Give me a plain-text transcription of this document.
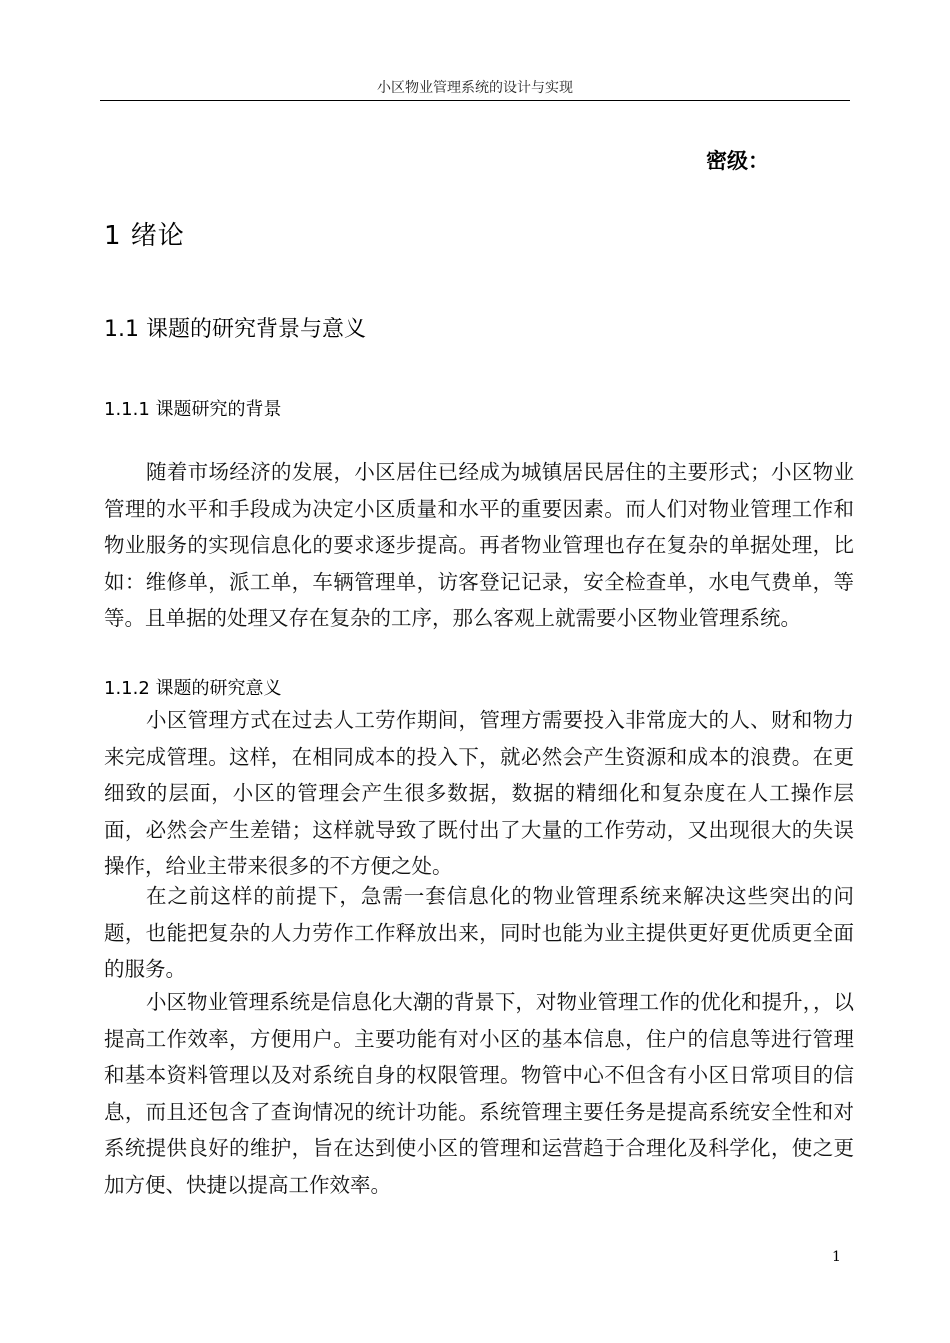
小区物业管理系统的设计与实现
密级：
1 绪论
1.1 课题的研究背景与意义
1.1.1 课题研究的背景

随着市场经济的发展，小区居住已经成为城镇居民居住的主要形式；小区物业管理的水平和手段成为决定小区质量和水平的重要因素。而人们对物业管理工作和物业服务的实现信息化的要求逐步提高。再者物业管理也存在复杂的单据处理，比如：维修单，派工单，车辆管理单，访客登记记录，安全检查单，水电气费单，等等。且单据的处理又存在复杂的工序，那么客观上就需要小区物业管理系统。

1.1.2 课题的研究意义

小区管理方式在过去人工劳作期间，管理方需要投入非常庞大的人、财和物力来完成管理。这样，在相同成本的投入下，就必然会产生资源和成本的浪费。在更细致的层面，小区的管理会产生很多数据，数据的精细化和复杂度在人工操作层面，必然会产生差错；这样就导致了既付出了大量的工作劳动，又出现很大的失误操作，给业主带来很多的不方便之处。

在之前这样的前提下，急需一套信息化的物业管理系统来解决这些突出的问题，也能把复杂的人力劳作工作释放出来，同时也能为业主提供更好更优质更全面的服务。

小区物业管理系统是信息化大潮的背景下，对物业管理工作的优化和提升，，以提高工作效率，方便用户。主要功能有对小区的基本信息，住户的信息等进行管理和基本资料管理以及对系统自身的权限管理。物管中心不但含有小区日常项目的信息，而且还包含了查询情况的统计功能。系统管理主要任务是提高系统安全性和对系统提供良好的维护，旨在达到使小区的管理和运营趋于合理化及科学化，使之更加方便、快捷以提高工作效率。

1
